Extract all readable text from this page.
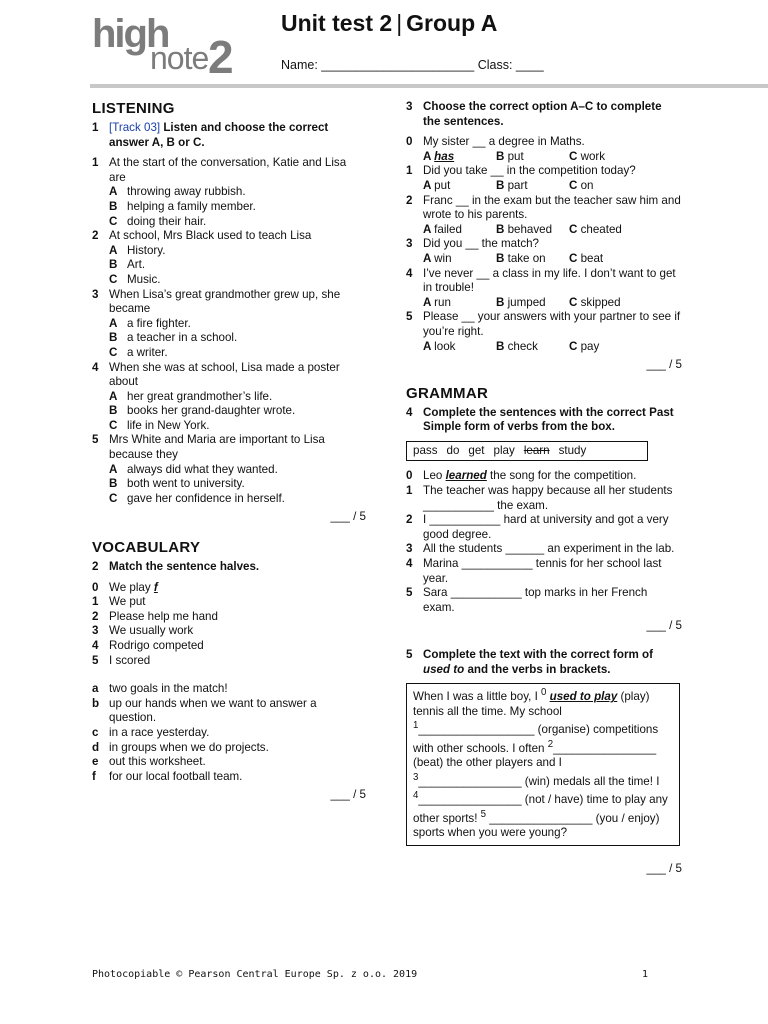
high
note 2
Unit test 2 | Group A
Name: ______________________ Class: ____
LISTENING
1 [Track 03] Listen and choose the correct answer A, B or C.
1 At the start of the conversation, Katie and Lisa are
A throwing away rubbish.
B helping a family member.
C doing their hair.
2 At school, Mrs Black used to teach Lisa
A History.
B Art.
C Music.
3 When Lisa’s great grandmother grew up, she became
A a fire fighter.
B a teacher in a school.
C a writer.
4 When she was at school, Lisa made a poster about
A her great grandmother’s life.
B books her grand-daughter wrote.
C life in New York.
5 Mrs White and Maria are important to Lisa because they
A always did what they wanted.
B both went to university.
C gave her confidence in herself.
___ / 5
VOCABULARY
2 Match the sentence halves.
0 We play f
1 We put
2 Please help me hand
3 We usually work
4 Rodrigo competed
5 I scored
a two goals in the match!
b up our hands when we want to answer a question.
c in a race yesterday.
d in groups when we do projects.
e out this worksheet.
f	for our local football team.
___ / 5
3 Choose the correct option A–C to complete the sentences.
0 My sister __ a degree in Maths.
A has	B put	C work
1 Did you take __ in the competition today?
A put	B part	C on
2 Franc __ in the exam but the teacher saw him and wrote to his parents.
A failed	B behaved	C cheated
3 Did you __ the match?
A win	B take on	C beat
4 I’ve never __ a class in my life. I don’t want to get in trouble!
A run	B jumped	C skipped
5 Please __ your answers with your partner to see if you’re right.
A look	B check	C pay
___ / 5
GRAMMAR
4 Complete the sentences with the correct Past Simple form of verbs from the box.
pass do get play learn study
0 Leo learned the song for the competition.
1 The teacher was happy because all her students ___________ the exam.
2 I ___________ hard at university and got a very good degree.
3 All the students ______ an experiment in the lab.
4 Marina ___________ tennis for her school last year.
5 Sara ___________ top marks in her French exam.
___ / 5
5 Complete the text with the correct form of used to and the verbs in brackets.
When I was a little boy, I $^0$ used to play (play) tennis all the time. My school $^1$__________________ (organise) competitions with other schools. I often $^2$________________ (beat) the other players and I $^3$________________ (win) medals all the time! I $^4$________________ (not / have) time to play any other sports! $^5$ ________________ (you / enjoy) sports when you were young?
___ / 5
Photocopiable © Pearson Central Europe Sp. z o.o. 2019	1
